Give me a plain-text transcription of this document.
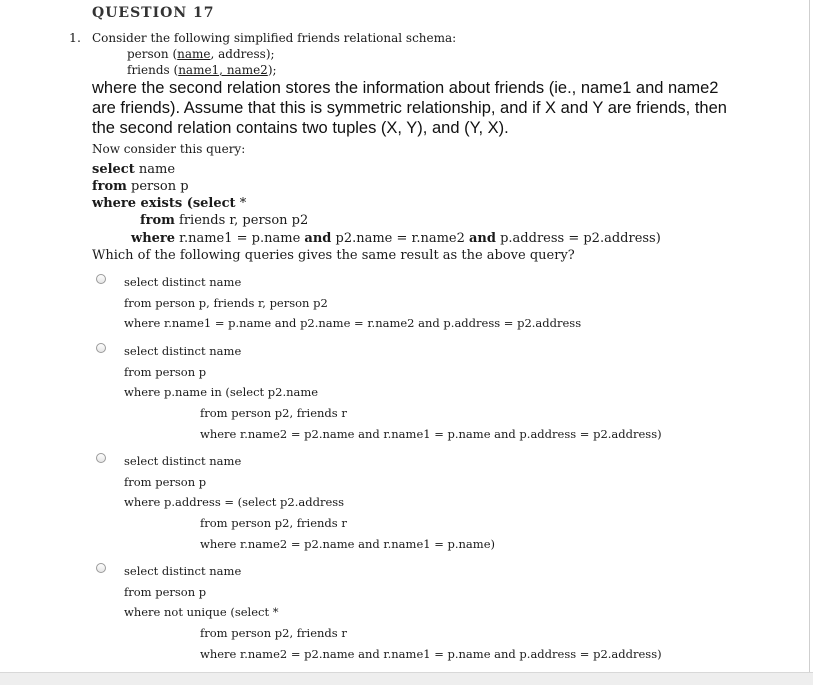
QUESTION 17
1. Consider the following simplified friends relational schema:
person (name, address);
friends (name1, name2);
where the second relation stores the information about friends (ie., name1 and name2
are friends). Assume that this is symmetric relationship, and if X and Y are friends, then
the second relation contains two tuples (X, Y), and (Y, X).
Now consider this query:
select name
from person p
where exists (select *
from friends r, person p2
where r.name1 = p.name and p2.name = r.name2 and p.address = p2.address)
Which of the following queries gives the same result as the above query?
select distinct name
from person p, friends r, person p2
where r.name1 = p.name and p2.name = r.name2 and p.address = p2.address
select distinct name
from person p
where p.name in (select p2.name
from person p2, friends r
where r.name2 = p2.name and r.name1 = p.name and p.address = p2.address)
select distinct name
from person p
where p.address = (select p2.address
from person p2, friends r
where r.name2 = p2.name and r.name1 = p.name)
select distinct name
from person p
where not unique (select *
from person p2, friends r
where r.name2 = p2.name and r.name1 = p.name and p.address = p2.address)
